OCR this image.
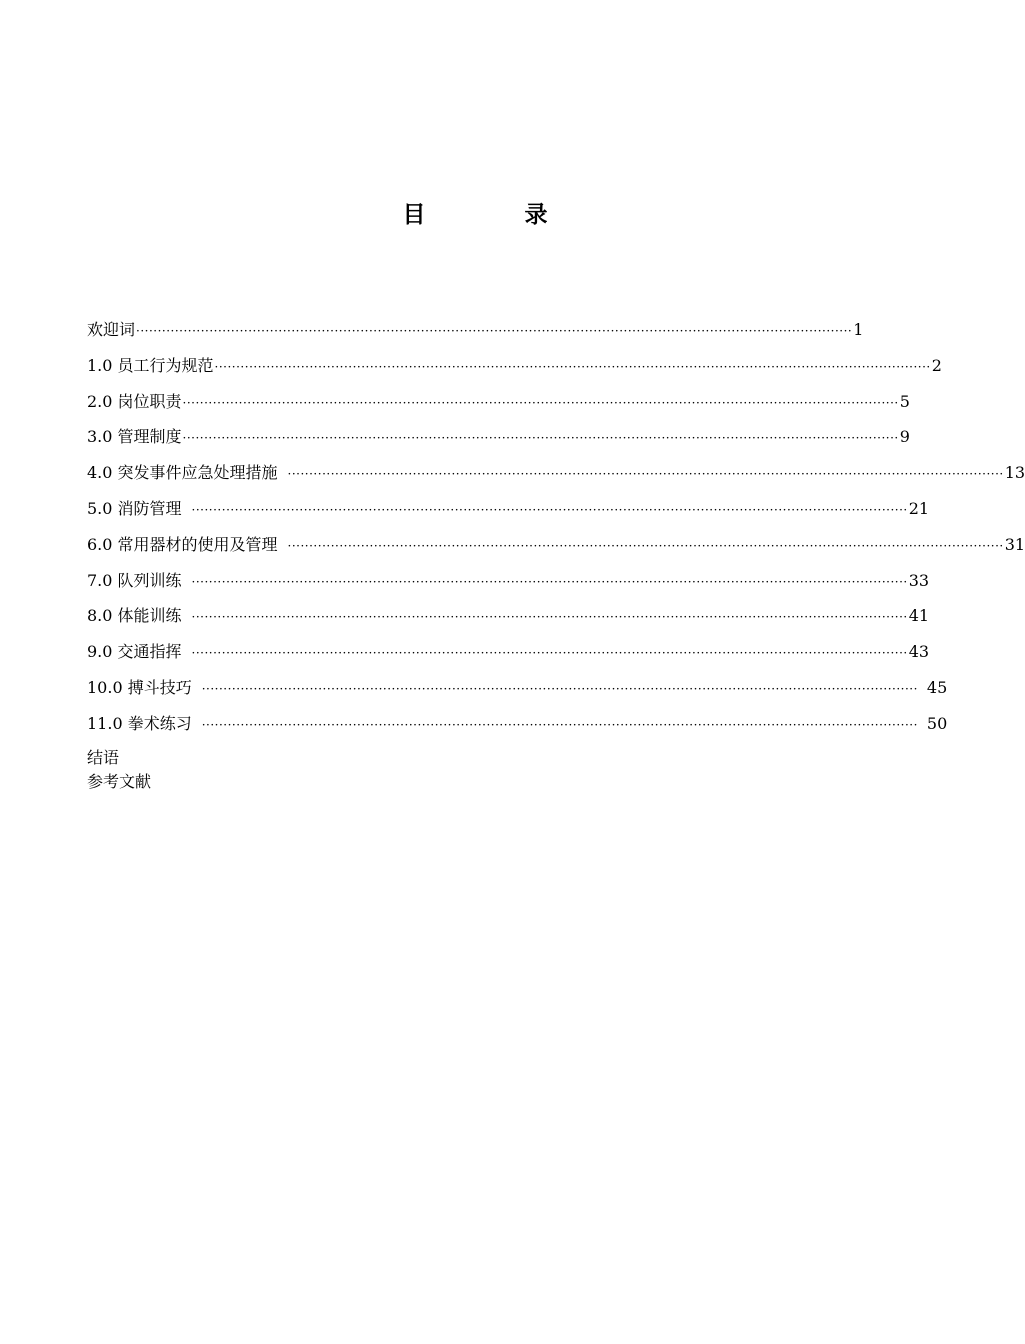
目　录
欢迎词 ······································································································································································ 1
1.0 员工行为规范 ······································································································································································ 2
2.0 岗位职责 ······································································································································································ 5
3.0 管理制度 ······································································································································································ 9
4.0 突发事件应急处理措施 ······································································································································································ 13
5.0 消防管理 ······································································································································································ 21
6.0 常用器材的使用及管理 ······································································································································································ 31
7.0 队列训练 ······································································································································································ 33
8.0 体能训练 ······································································································································································ 41
9.0 交通指挥 ······································································································································································ 43
10.0 搏斗技巧 ······································································································································································ 45
11.0 拳术练习 ······································································································································································ 50
结语
参考文献
